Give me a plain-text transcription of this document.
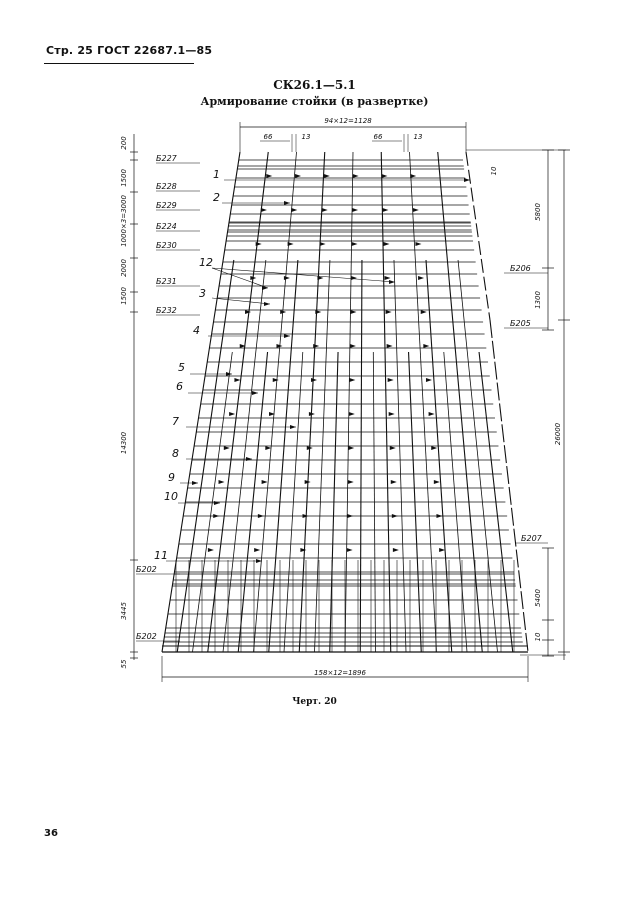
Стр. 25 ГОСТ 22687.1—85
СК26.1—5.1
Армирование стойки (в развертке)
94×12=1128
66	13	66	13
158×12=1896
200
1500
1000×3=3000
2000
1500
14300
3445
55
10
5800
1300
26000
5400
10
Б227
Б228
Б229
Б224
Б230
Б231
Б232
Б202
Б202
Б206
Б205
Б207
1
2
12
3
4
5
6
7
8
9
10
11
Черт. 20
36
